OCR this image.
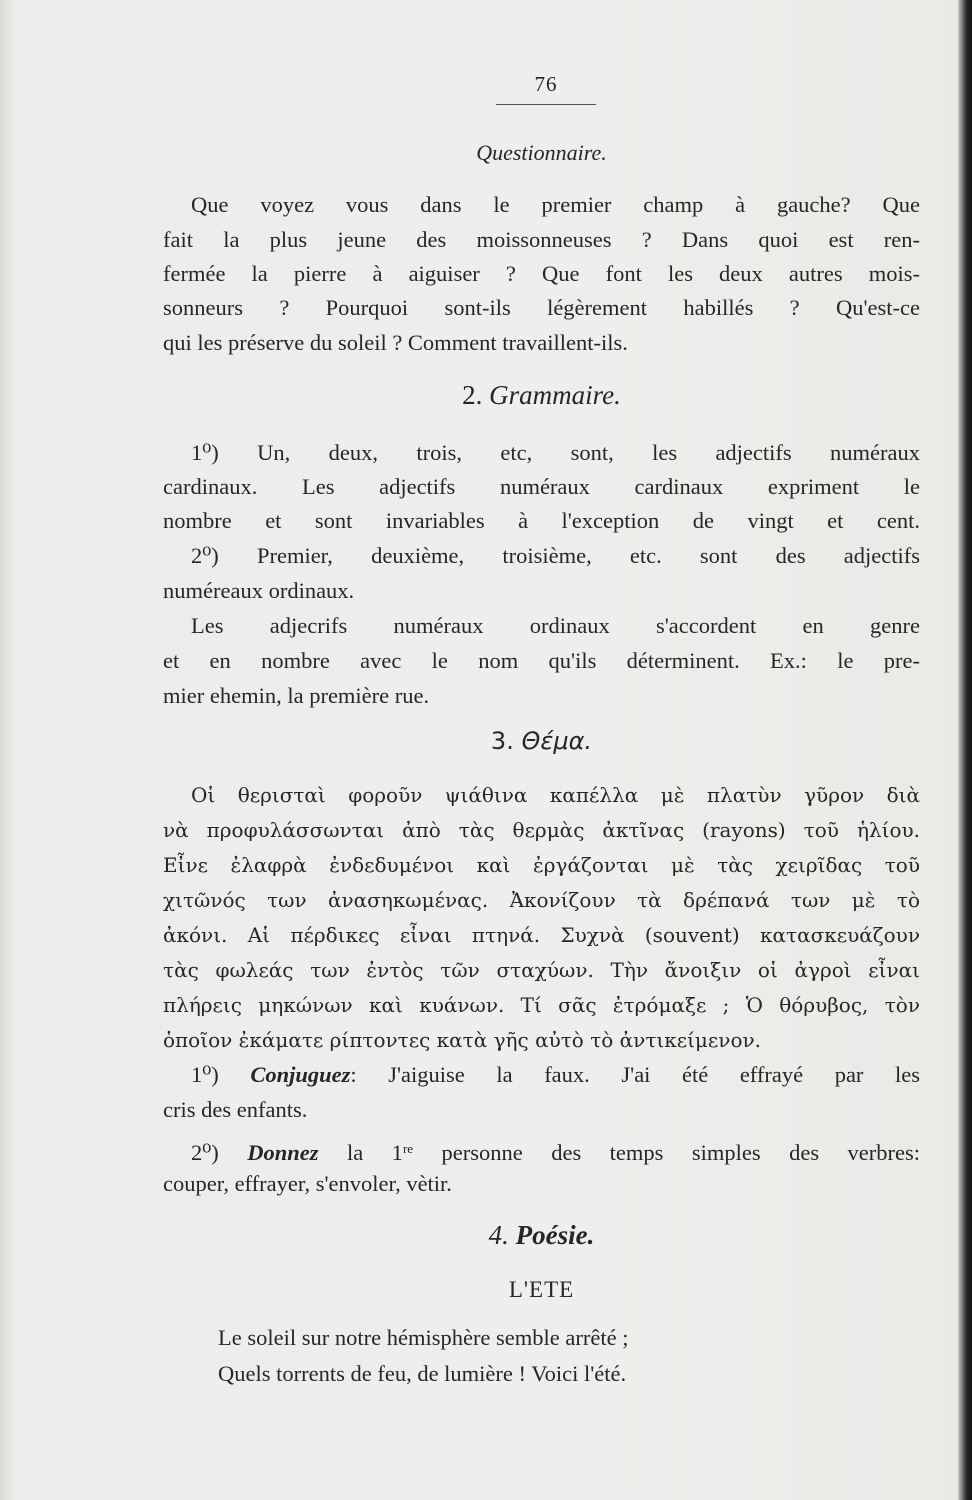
76
Questionnaire.
Que voyez vous dans le premier champ à gauche? Que
fait la plus jeune des moissonneuses ? Dans quoi est ren-
fermée la pierre à aiguiser ? Que font les deux autres mois-
sonneurs ? Pourquoi sont-ils légèrement habillés ? Qu'est-ce
qui les préserve du soleil ? Comment travaillent-ils.
2. Grammaire.
1⁰) Un, deux, trois, etc, sont, les adjectifs numéraux
cardinaux. Les adjectifs numéraux cardinaux expriment le
nombre et sont invariables à l'exception de vingt et cent.
2⁰) Premier, deuxième, troisième, etc. sont des adjectifs
numéreaux ordinaux.
Les adjecrifs numéraux ordinaux s'accordent en genre
et en nombre avec le nom qu'ils déterminent. Ex.: le pre-
mier ehemin, la première rue.
3. Θέμα.
Οἱ θερισταὶ φοροῦν ψιάθινα καπέλλα μὲ πλατὺν γῦρον διὰ
νὰ προφυλάσσωνται ἀπὸ τὰς θερμὰς ἀκτῖνας (rayons) τοῦ ἡλίου.
Εἶνε ἐλαφρὰ ἐνδεδυμένοι καὶ ἐργάζονται μὲ τὰς χειρῖδας τοῦ
χιτῶνός των ἀνασηκωμένας. Ἀκονίζουν τὰ δρέπανά των μὲ τὸ
ἀκόνι. Αἱ πέρδικες εἶναι πτηνά. Συχνὰ (souvent) κατασκευάζουν
τὰς φωλεάς των ἐντὸς τῶν σταχύων. Τὴν ἄνοιξιν οἱ ἀγροὶ εἶναι
πλήρεις μηκώνων καὶ κυάνων. Τί σᾶς ἐτρόμαξε ; Ὁ θόρυβος, τὸν
ὁποῖον ἐκάματε ρίπτοντες κατὰ γῆς αὐτὸ τὸ ἀντικείμενον.
1⁰) Conjuguez: J'aiguise la faux. J'ai été effrayé par les
cris des enfants.
2⁰) Donnez la 1re personne des temps simples des verbres:
couper, effrayer, s'envoler, vètir.
4. Poésie.
L'ETE
Le soleil sur notre hémisphère semble arrêté ;
Quels torrents de feu, de lumière ! Voici l'été.
